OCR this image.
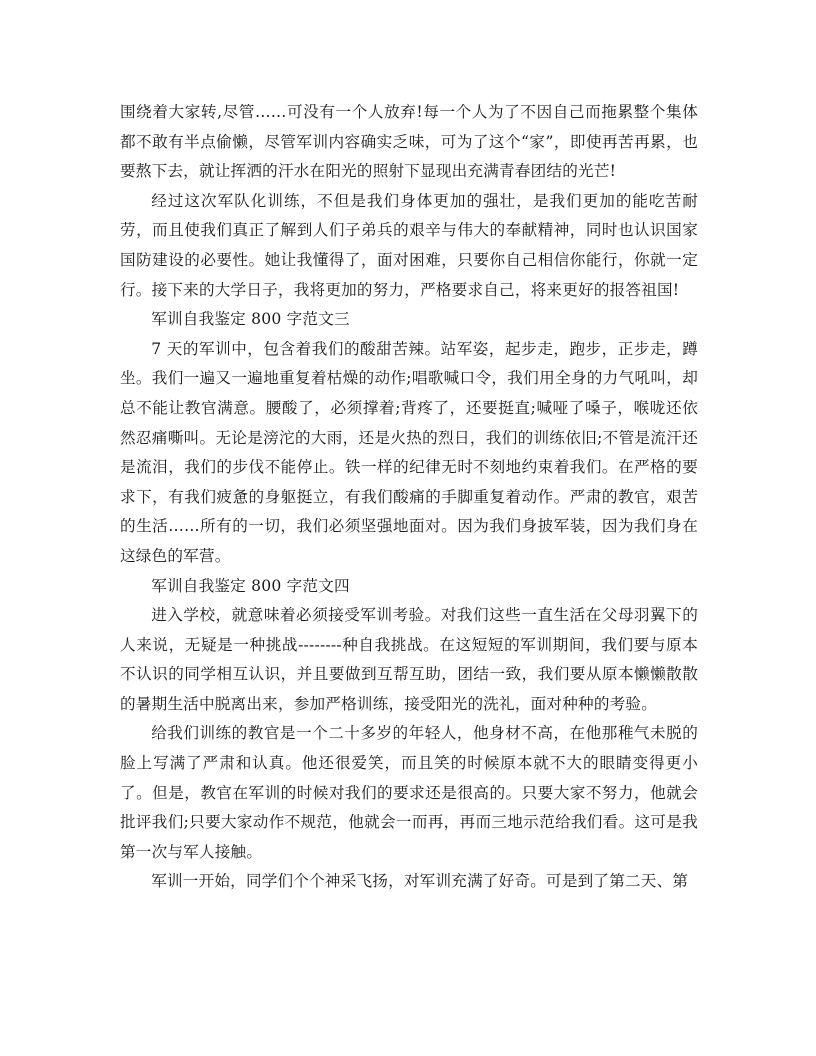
围绕着大家转,尽管……可没有一个人放弃!每一个人为了不因自己而拖累整个集体都不敢有半点偷懒，尽管军训内容确实乏味，可为了这个“家”，即使再苦再累，也要熬下去，就让挥洒的汗水在阳光的照射下显现出充满青春团结的光芒!

经过这次军队化训练，不但是我们身体更加的强壮，是我们更加的能吃苦耐劳，而且使我们真正了解到人们子弟兵的艰辛与伟大的奉献精神，同时也认识国家国防建设的必要性。她让我懂得了，面对困难，只要你自己相信你能行，你就一定行。接下来的大学日子，我将更加的努力，严格要求自己，将来更好的报答祖国!

军训自我鉴定 800 字范文三

7 天的军训中，包含着我们的酸甜苦辣。站军姿，起步走，跑步，正步走，蹲坐。我们一遍又一遍地重复着枯燥的动作;唱歌喊口令，我们用全身的力气吼叫，却总不能让教官满意。腰酸了，必须撑着;背疼了，还要挺直;喊哑了嗓子，喉咙还依然忍痛嘶叫。无论是滂沱的大雨，还是火热的烈日，我们的训练依旧;不管是流汗还是流泪，我们的步伐不能停止。铁一样的纪律无时不刻地约束着我们。在严格的要求下，有我们疲惫的身躯挺立，有我们酸痛的手脚重复着动作。严肃的教官，艰苦的生活……所有的一切，我们必须坚强地面对。因为我们身披军装，因为我们身在这绿色的军营。

军训自我鉴定 800 字范文四

进入学校，就意味着必须接受军训考验。对我们这些一直生活在父母羽翼下的人来说，无疑是一种挑战--------种自我挑战。在这短短的军训期间，我们要与原本不认识的同学相互认识，并且要做到互帮互助，团结一致，我们要从原本懒懒散散的暑期生活中脱离出来，参加严格训练，接受阳光的洗礼，面对种种的考验。

给我们训练的教官是一个二十多岁的年轻人，他身材不高，在他那稚气未脱的脸上写满了严肃和认真。他还很爱笑，而且笑的时候原本就不大的眼睛变得更小了。但是，教官在军训的时候对我们的要求还是很高的。只要大家不努力，他就会批评我们;只要大家动作不规范，他就会一而再，再而三地示范给我们看。这可是我第一次与军人接触。

军训一开始，同学们个个神采飞扬，对军训充满了好奇。可是到了第二天、第
